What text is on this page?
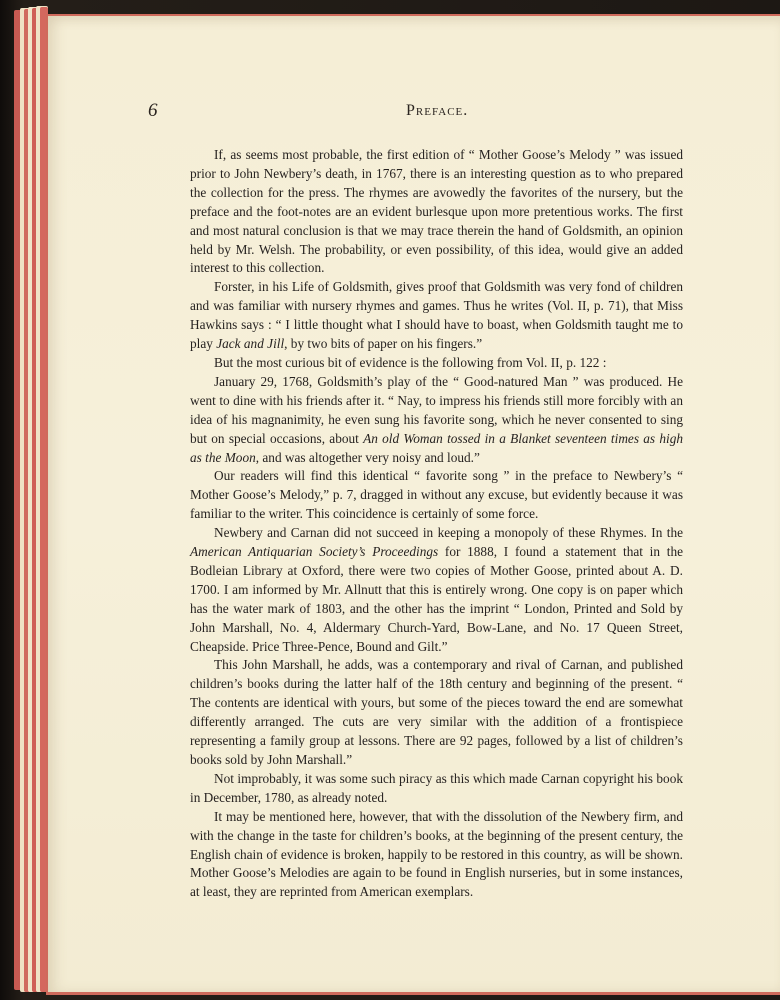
6	Preface.

If, as seems most probable, the first edition of “ Mother Goose’s Melody ” was issued prior to John Newbery’s death, in 1767, there is an interesting question as to who prepared the collection for the press. The rhymes are avowedly the favorites of the nursery, but the preface and the foot-notes are an evident burlesque upon more pretentious works. The first and most natural conclusion is that we may trace therein the hand of Goldsmith, an opinion held by Mr. Welsh. The probability, or even possibility, of this idea, would give an added interest to this collection.

Forster, in his Life of Goldsmith, gives proof that Goldsmith was very fond of children and was familiar with nursery rhymes and games. Thus he writes (Vol. II, p. 71), that Miss Hawkins says : “ I little thought what I should have to boast, when Goldsmith taught me to play Jack and Jill, by two bits of paper on his fingers.”

But the most curious bit of evidence is the following from Vol. II, p. 122 :

January 29, 1768, Goldsmith’s play of the “ Good-natured Man ” was produced. He went to dine with his friends after it. “ Nay, to impress his friends still more forcibly with an idea of his magnanimity, he even sung his favorite song, which he never consented to sing but on special occasions, about An old Woman tossed in a Blanket seventeen times as high as the Moon, and was altogether very noisy and loud.”

Our readers will find this identical “ favorite song ” in the preface to Newbery’s “ Mother Goose’s Melody,” p. 7, dragged in without any excuse, but evidently because it was familiar to the writer. This coincidence is certainly of some force.

Newbery and Carnan did not succeed in keeping a monopoly of these Rhymes. In the American Antiquarian Society’s Proceedings for 1888, I found a statement that in the Bodleian Library at Oxford, there were two copies of Mother Goose, printed about A. D. 1700. I am informed by Mr. Allnutt that this is entirely wrong. One copy is on paper which has the water mark of 1803, and the other has the imprint “ London, Printed and Sold by John Marshall, No. 4, Aldermary Church-Yard, Bow-Lane, and No. 17 Queen Street, Cheapside. Price Three-Pence, Bound and Gilt.”

This John Marshall, he adds, was a contemporary and rival of Carnan, and published children’s books during the latter half of the 18th century and beginning of the present. “ The contents are identical with yours, but some of the pieces toward the end are somewhat differently arranged. The cuts are very similar with the addition of a frontispiece representing a family group at lessons. There are 92 pages, followed by a list of children’s books sold by John Marshall.”

Not improbably, it was some such piracy as this which made Carnan copyright his book in December, 1780, as already noted.

It may be mentioned here, however, that with the dissolution of the Newbery firm, and with the change in the taste for children’s books, at the beginning of the present century, the English chain of evidence is broken, happily to be restored in this country, as will be shown. Mother Goose’s Melodies are again to be found in English nurseries, but in some instances, at least, they are reprinted from American exemplars.
